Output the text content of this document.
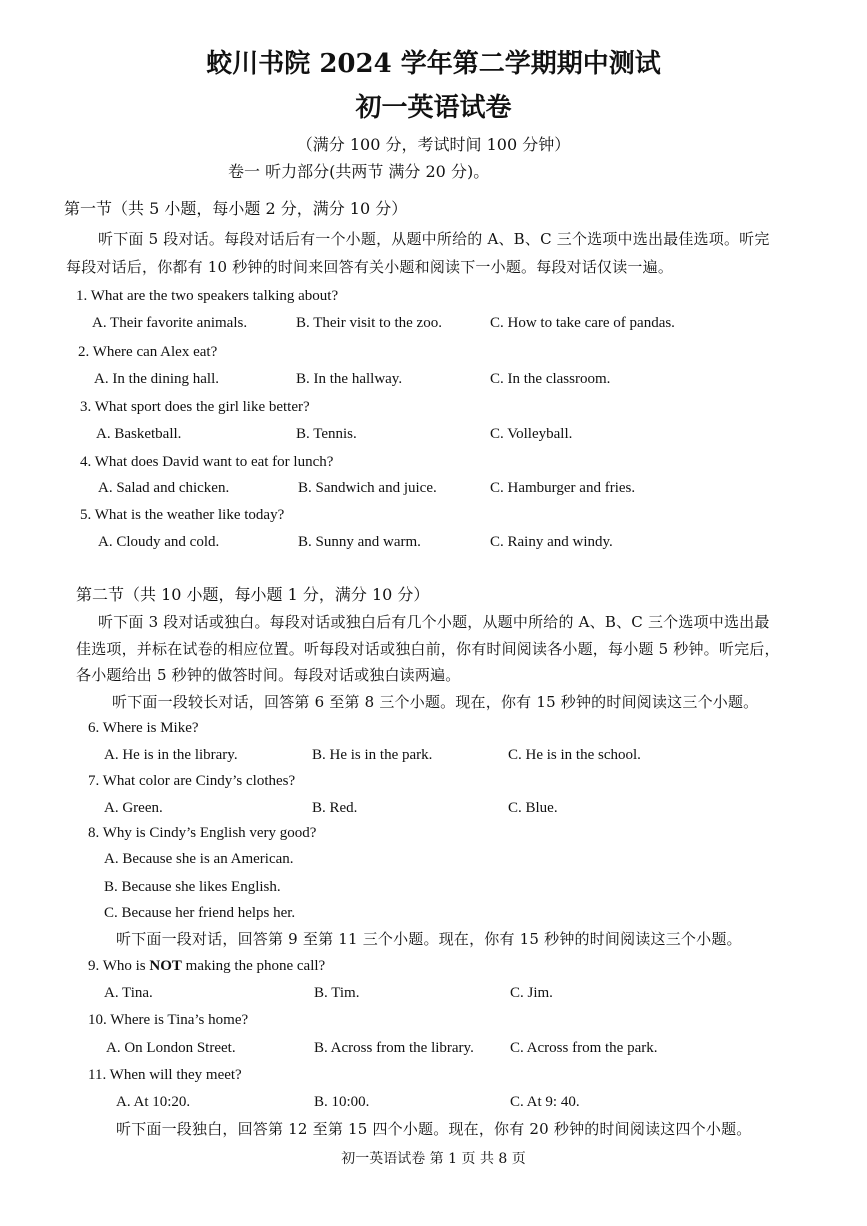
蛟川书院 2024 学年第二学期期中测试
初一英语试卷
（满分 100 分，考试时间 100 分钟）
卷一 听力部分(共两节 满分 20 分)。
第一节（共 5 小题，每小题 2 分，满分 10 分）
听下面 5 段对话。每段对话后有一个小题，从题中所给的 A、B、C 三个选项中选出最佳选项。听完
每段对话后，你都有 10 秒钟的时间来回答有关小题和阅读下一小题。每段对话仅读一遍。
1. What are the two speakers talking about?
A. Their favorite animals.	B. Their visit to the zoo.	C. How to take care of pandas.
2. Where can Alex eat?
A. In the dining hall.	B. In the hallway.	C. In the classroom.
3. What sport does the girl like better?
A. Basketball.	B. Tennis.	C. Volleyball.
4. What does David want to eat for lunch?
A. Salad and chicken.	B. Sandwich and juice.	C. Hamburger and fries.
5. What is the weather like today?
A. Cloudy and cold.	B. Sunny and warm.	C. Rainy and windy.
第二节（共 10 小题，每小题 1 分，满分 10 分）
听下面 3 段对话或独白。每段对话或独白后有几个小题，从题中所给的 A、B、C 三个选项中选出最
佳选项，并标在试卷的相应位置。听每段对话或独白前，你有时间阅读各小题，每小题 5 秒钟。听完后，
各小题给出 5 秒钟的做答时间。每段对话或独白读两遍。
听下面一段较长对话，回答第 6 至第 8 三个小题。现在，你有 15 秒钟的时间阅读这三个小题。
6. Where is Mike?
A. He is in the library.	B. He is in the park.	C. He is in the school.
7. What color are Cindy’s clothes?
A. Green.	B. Red.	C. Blue.
8. Why is Cindy’s English very good?
A. Because she is an American.
B. Because she likes English.
C. Because her friend helps her.
听下面一段对话，回答第 9 至第 11 三个小题。现在，你有 15 秒钟的时间阅读这三个小题。
9. Who is NOT making the phone call?
A. Tina.	B. Tim.	C. Jim.
10. Where is Tina’s home?
A. On London Street.	B. Across from the library. C. Across from the park.
11. When will they meet?
A. At 10:20.	B. 10:00.	C. At 9: 40.
听下面一段独白，回答第 12 至第 15 四个小题。现在，你有 20 秒钟的时间阅读这四个小题。
初一英语试卷 第 1 页 共 8 页
